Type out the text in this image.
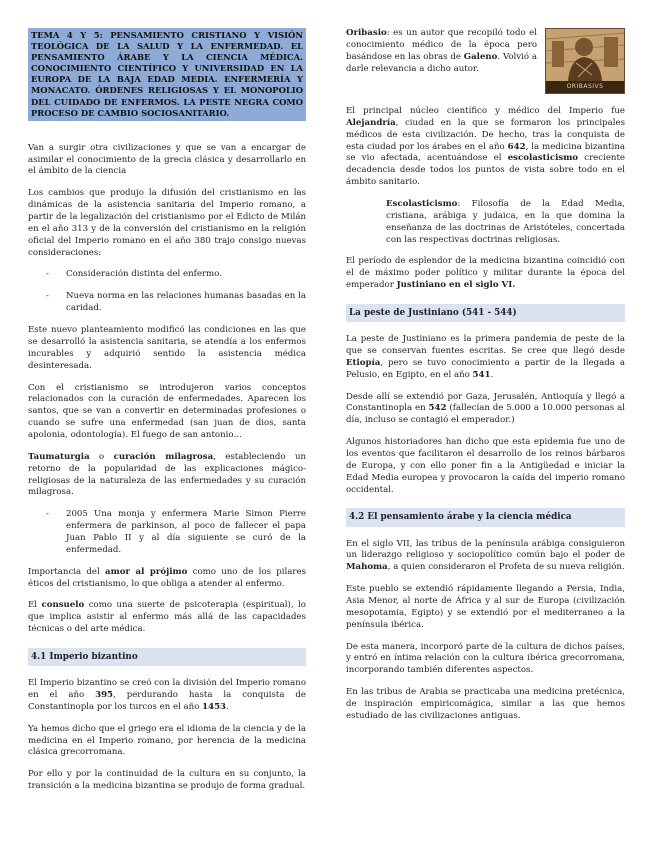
TEMA 4 Y 5: PENSAMIENTO CRISTIANO Y VISIÓN TEOLÓGICA DE LA SALUD Y LA ENFERMEDAD. EL PENSAMIENTO ÁRABE Y LA CIENCIA MÉDICA. CONOCIMIENTO CIENTÍFICO Y UNIVERSIDAD EN LA EUROPA DE LA BAJA EDAD MEDIA. ENFERMERÍA Y MONACATO. ÓRDENES RELIGIOSAS Y EL MONOPOLIO DEL CUIDADO DE ENFERMOS. LA PESTE NEGRA COMO PROCESO DE CAMBIO SOCIOSANITARIO.

Van a surgir otra civilizaciones y que se van a encargar de asimilar el conocimiento de la grecia clásica y desarrollarlo en el ámbito de la ciencia

Los cambios que produjo la difusión del cristianismo en las dinámicas de la asistencia sanitaria del Imperio romano, a partir de la legalización del cristianismo por el Edicto de Milán en el año 313 y de la conversión del cristianismo en la religión oficial del Imperio romano en el año 380 trajo consigo nuevas consideraciones:

- Consideración distinta del enfermo.
- Nueva norma en las relaciones humanas basadas en la caridad.

Este nuevo planteamiento modificó las condiciones en las que se desarrolló la asistencia sanitaria, se atendía a los enfermos incurables y adquirió sentido la asistencia médica desinteresada.

Con el cristianismo se introdujeron varios conceptos relacionados con la curación de enfermedades. Aparecen los santos, que se van a convertir en determinadas profesiones o cuando se sufre una enfermedad (san juan de dios, santa apolonia, odontología). El fuego de san antonio…

Taumaturgia o curación milagrosa, estableciendo un retorno de la popularidad de las explicaciones mágico-religiosas de la naturaleza de las enfermedades y su curación milagrosa.

- 2005 Una monja y enfermera Marie Simon Pierre enfermera de parkinson, al poco de fallecer el papa Juan Pablo II y al día siguiente se curó de la enfermedad.

Importancia del amor al prójimo como uno de los pilares éticos del cristianismo, lo que obliga a atender al enfermo.

El consuelo como una suerte de psicoterapia (espiritual), lo que implica asistir al enfermo más allá de las capacidades técnicas o del arte médica.

4.1 Imperio bizantino

El Imperio bizantino se creó con la división del Imperio romano en el año 395, perdurando hasta la conquista de Constantinopla por los turcos en el año 1453.

Ya hemos dicho que el griego era el idioma de la ciencia y de la medicina en el Imperio romano, por herencia de la medicina clásica grecorromana.

Por ello y por la continuidad de la cultura en su conjunto, la transición a la medicina bizantina se produjo de forma gradual.

Oribasio: es un autor que recopiló todo el conocimiento médico de la época pero basándose en las obras de Galeno. Volvió a darle relevancia a dicho autor.
ORIBASIVS

El principal núcleo científico y médico del Imperio fue Alejandría, ciudad en la que se formaron los principales médicos de esta civilización. De hecho, tras la conquista de esta ciudad por los árabes en el año 642, la medicina bizantina se vio afectada, acentuándose el escolasticismo creciente decadencia desde todos los puntos de vista sobre todo en el ámbito sanitario.

Escolasticismo: Filosofía de la Edad Media, cristiana, arábiga y judaica, en la que domina la enseñanza de las doctrinas de Aristóteles, concertada con las respectivas doctrinas religiosas.

El período de esplendor de la medicina bizantina coincidió con el de máximo poder político y militar durante la época del emperador Justiniano en el siglo VI.

La peste de Justiniano (541 - 544)

La peste de Justiniano es la primera pandemia de peste de la que se conservan fuentes escritas. Se cree que llegó desde Etiopía, pero se tuvo conocimiento a partir de la llegada a Pelusio, en Egipto, en el año 541.

Desde allí se extendió por Gaza, Jerusalén, Antioquía y llegó a Constantinopla en 542 (fallecían de 5.000 a 10.000 personas al día, incluso se contagió el emperador.)

Algunos historiadores han dicho que esta epidemia fue uno de los eventos que facilitaron el desarrollo de los reinos bárbaros de Europa, y con ello poner fin a la Antigüedad e iniciar la Edad Media europea y provocaron la caída del imperio romano occidental.

4.2 El pensamiento árabe y la ciencia médica

En el siglo VII, las tribus de la península arábiga consiguieron un liderazgo religioso y sociopolítico común bajo el poder de Mahoma, a quien consideraron el Profeta de su nueva religión.

Este pueblo se extendió rápidamente llegando a Persia, India, Asia Menor, al norte de África y al sur de Europa (civilización mesopotamia, Egipto) y se extendió por el mediterraneo a la península ibérica.

De esta manera, incorporó parte de la cultura de dichos países, y entró en íntima relación con la cultura ibérica grecorromana, incorporando también diferentes aspectos.

En las tribus de Arabia se practicaba una medicina pretécnica, de inspiración empiricomágica, similar a las que hemos estudiado de las civilizaciones antiguas.
